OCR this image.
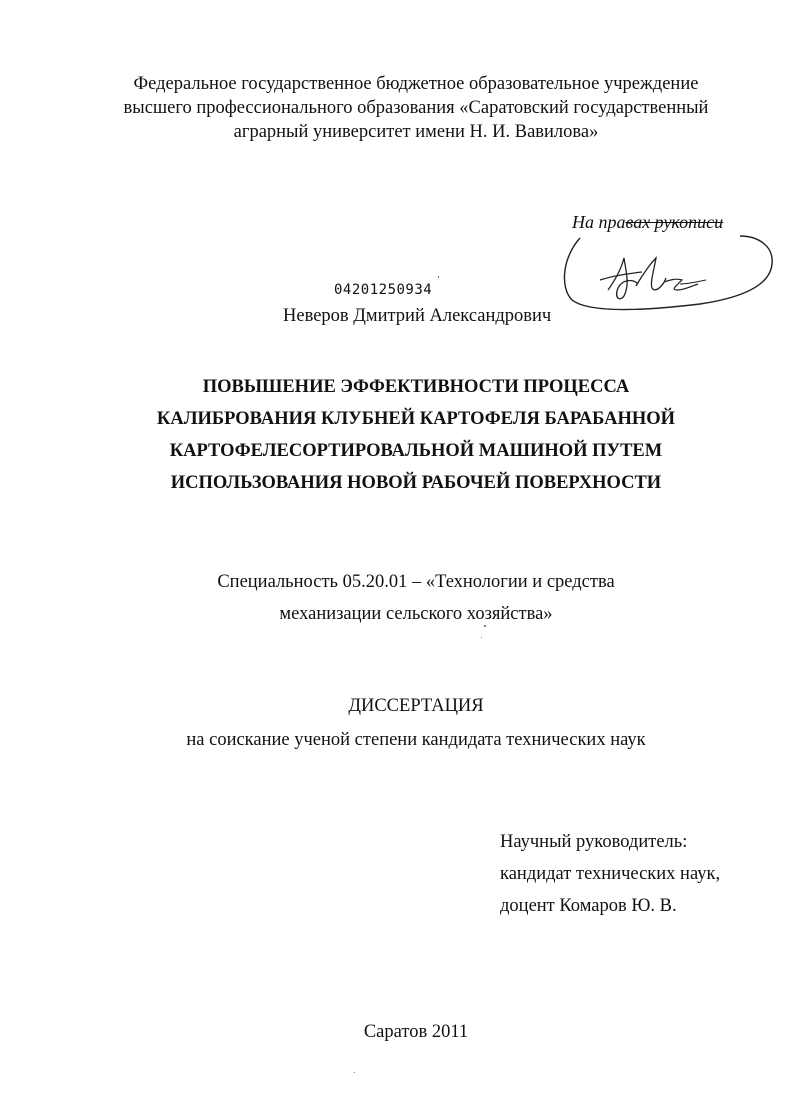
Федеральное государственное бюджетное образовательное учреждение
высшего профессионального образования «Саратовский государственный
аграрный университет имени Н. И. Вавилова»
На правах рукописи
04201250934
Неверов Дмитрий Александрович
ПОВЫШЕНИЕ ЭФФЕКТИВНОСТИ ПРОЦЕССА
КАЛИБРОВАНИЯ КЛУБНЕЙ КАРТОФЕЛЯ БАРАБАННОЙ
КАРТОФЕЛЕСОРТИРОВАЛЬНОЙ МАШИНОЙ ПУТЕМ
ИСПОЛЬЗОВАНИЯ НОВОЙ РАБОЧЕЙ ПОВЕРХНОСТИ
Специальность 05.20.01 – «Технологии и средства
механизации сельского хозяйства»
ДИССЕРТАЦИЯ
на соискание ученой степени кандидата технических наук
Научный руководитель:
кандидат технических наук,
доцент Комаров Ю. В.
Саратов 2011
